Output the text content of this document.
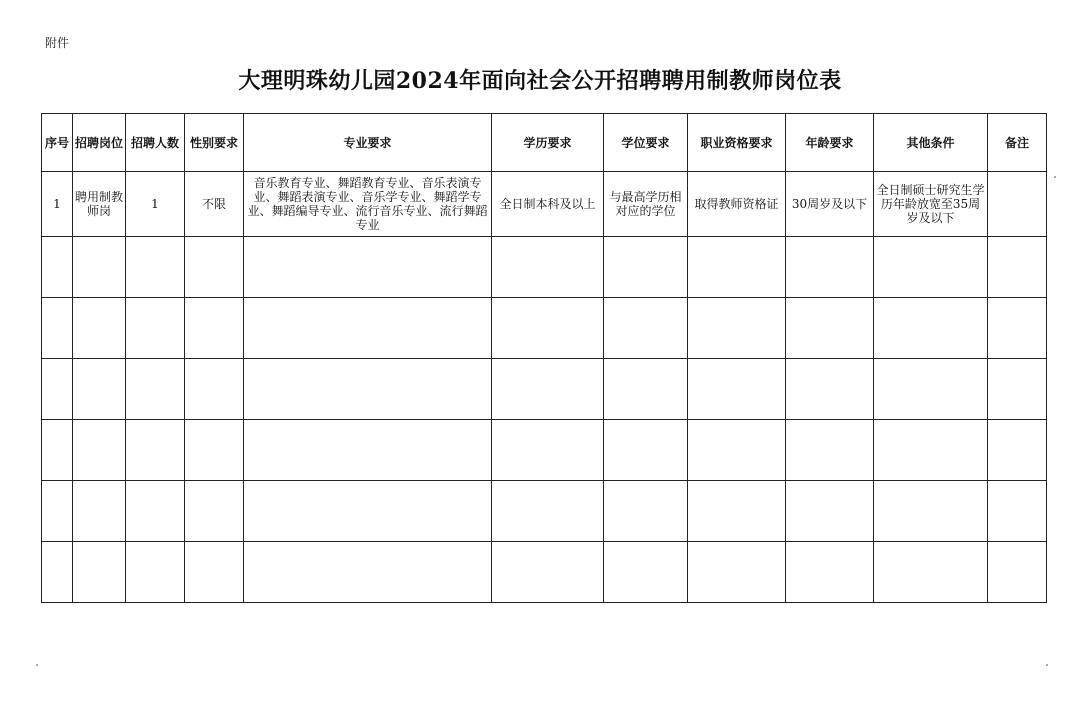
附件
大理明珠幼儿园2024年面向社会公开招聘聘用制教师岗位表
序号	招聘岗位	招聘人数	性别要求	专业要求	学历要求	学位要求	职业资格要求	年龄要求	其他条件	备注
1	聘用制教师岗	1	不限	音乐教育专业、舞蹈教育专业、音乐表演专业、舞蹈表演专业、音乐学专业、舞蹈学专业、舞蹈编导专业、流行音乐专业、流行舞蹈专业	全日制本科及以上	与最高学历相对应的学位	取得教师资格证	30周岁及以下	全日制硕士研究生学历年龄放宽至35周岁及以下	
